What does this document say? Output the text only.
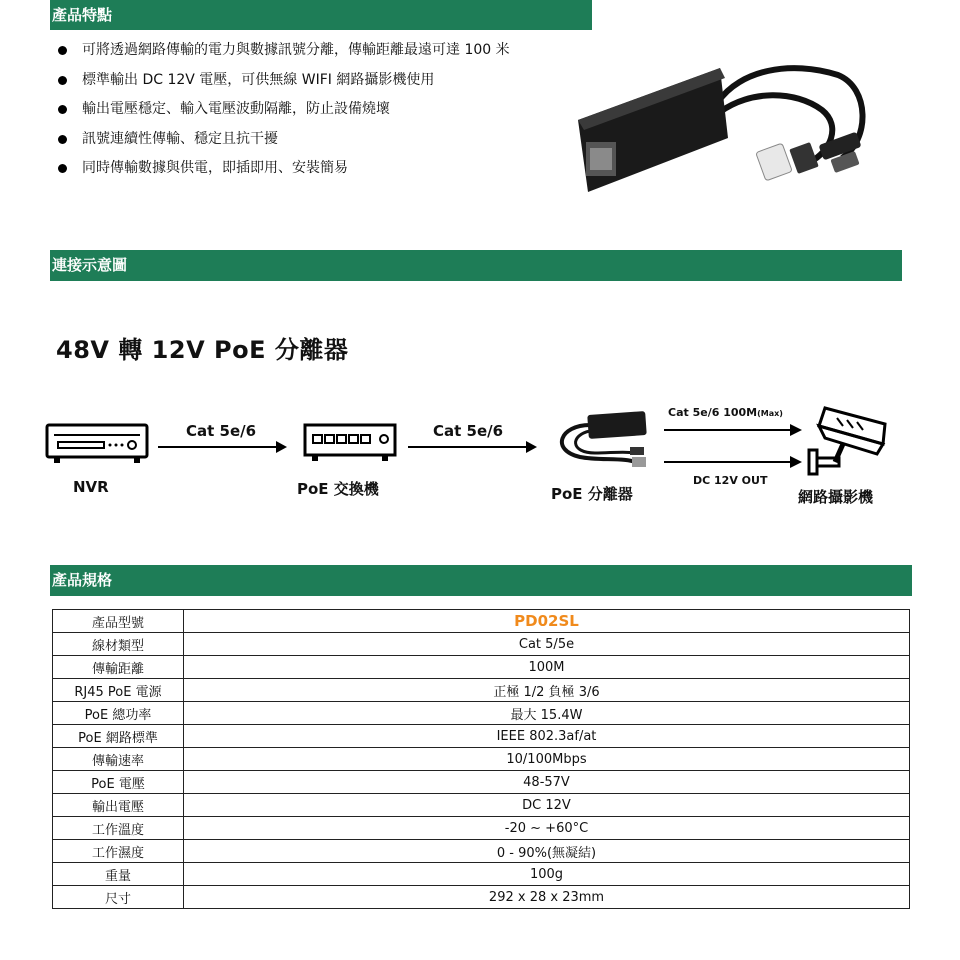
產品特點
可將透過網路傳輸的電力與數據訊號分離，傳輸距離最遠可達 100 米
標準輸出 DC 12V 電壓，可供無線 WIFI 網路攝影機使用
輸出電壓穩定、輸入電壓波動隔離，防止設備燒壞
訊號連續性傳輸、穩定且抗干擾
同時傳輸數據與供電，即插即用、安裝簡易
連接示意圖
48V 轉 12V PoE 分離器
NVR
Cat 5e/6
PoE 交換機
Cat 5e/6
PoE 分離器
Cat 5e/6 100M(Max)
DC 12V OUT
網路攝影機
產品規格
產品型號	PD02SL
線材類型	Cat 5/5e
傳輸距離	100M
RJ45 PoE 電源	正極 1/2 負極 3/6
PoE 總功率	最大 15.4W
PoE 網路標準	IEEE 802.3af/at
傳輸速率	10/100Mbps
PoE 電壓	48-57V
輸出電壓	DC 12V
工作溫度	-20 ~ +60°C
工作濕度	0 - 90%(無凝結)
重量	100g
尺寸	292 x 28 x 23mm
